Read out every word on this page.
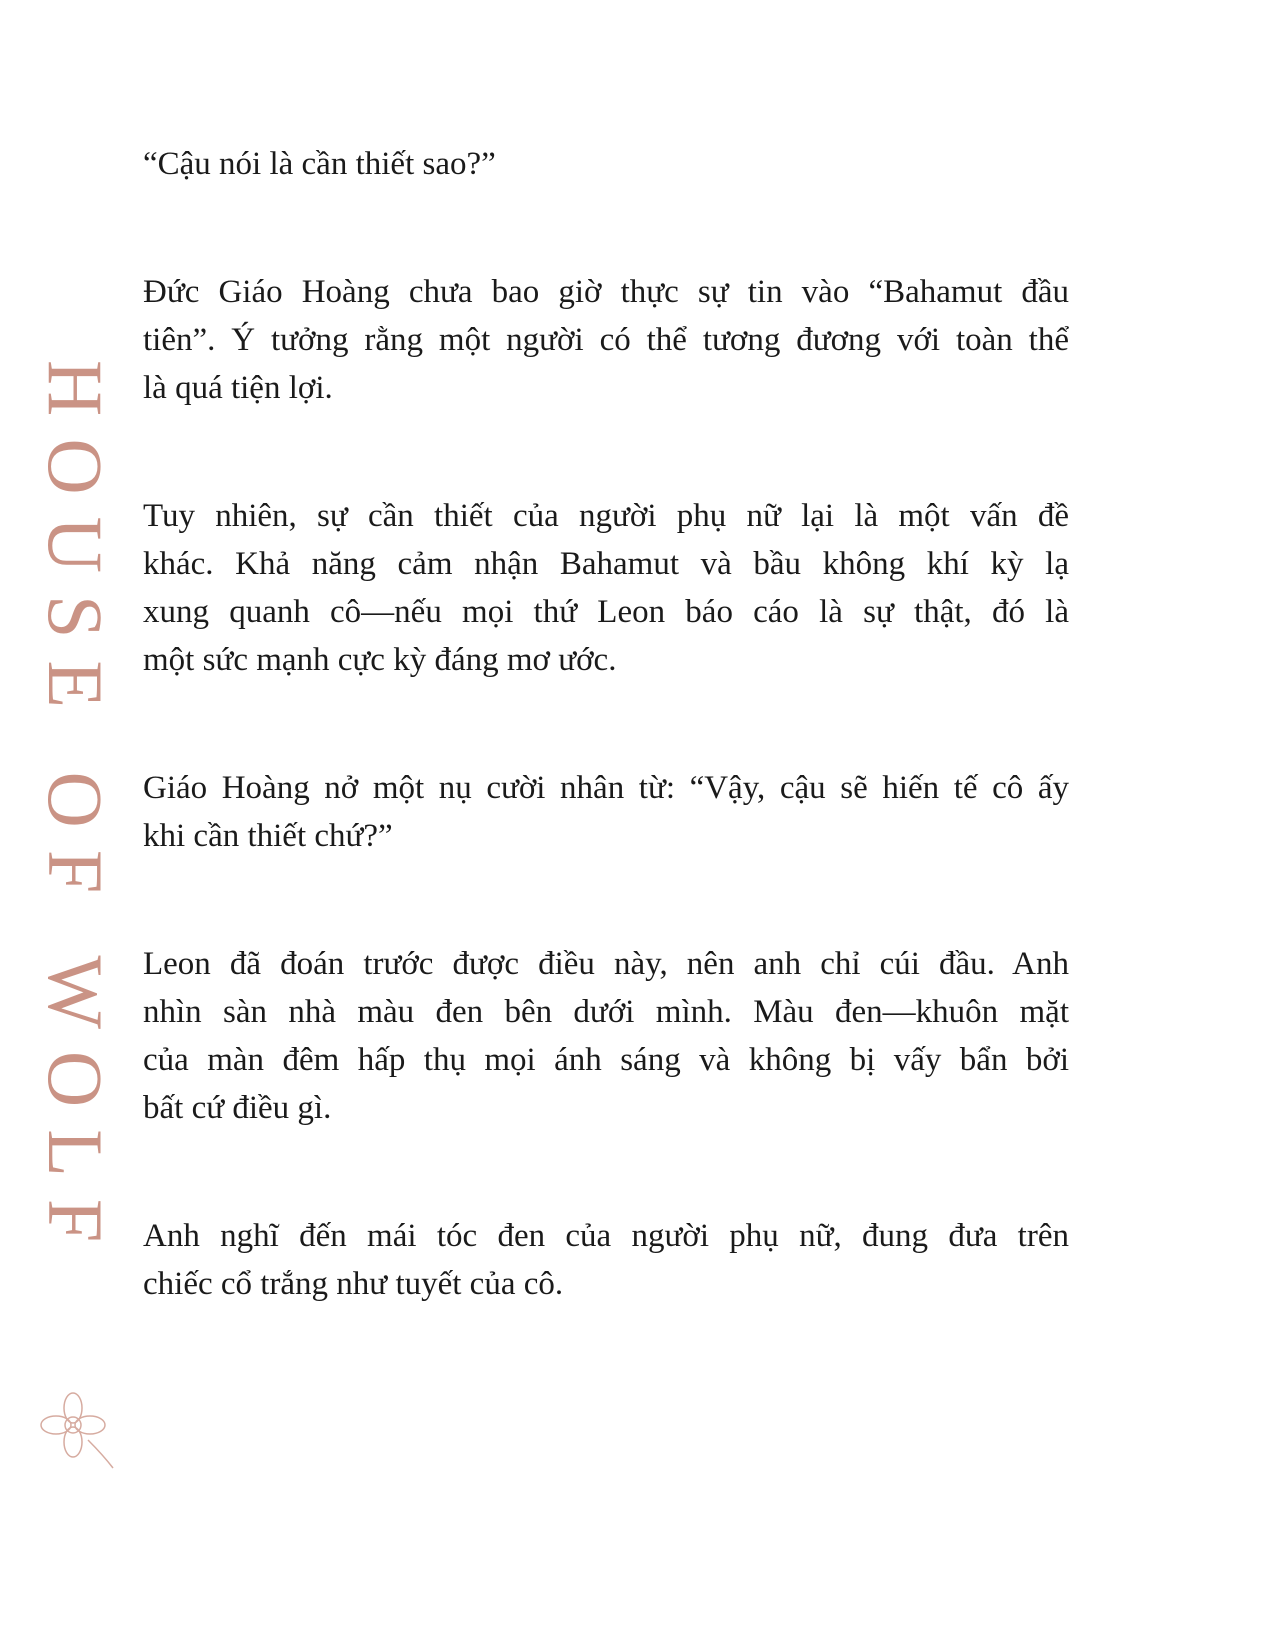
“Cậu nói là cần thiết sao?”
Đức Giáo Hoàng chưa bao giờ thực sự tin vào “Bahamut đầu
tiên”. Ý tưởng rằng một người có thể tương đương với toàn thể
là quá tiện lợi.
Tuy nhiên, sự cần thiết của người phụ nữ lại là một vấn đề
khác. Khả năng cảm nhận Bahamut và bầu không khí kỳ lạ
xung quanh cô—nếu mọi thứ Leon báo cáo là sự thật, đó là
một sức mạnh cực kỳ đáng mơ ước.
Giáo Hoàng nở một nụ cười nhân từ: “Vậy, cậu sẽ hiến tế cô ấy
khi cần thiết chứ?”
Leon đã đoán trước được điều này, nên anh chỉ cúi đầu. Anh
nhìn sàn nhà màu đen bên dưới mình. Màu đen—khuôn mặt
của màn đêm hấp thụ mọi ánh sáng và không bị vấy bẩn bởi
bất cứ điều gì.
Anh nghĩ đến mái tóc đen của người phụ nữ, đung đưa trên
chiếc cổ trắng như tuyết của cô.
HOUSE OF WOLF
